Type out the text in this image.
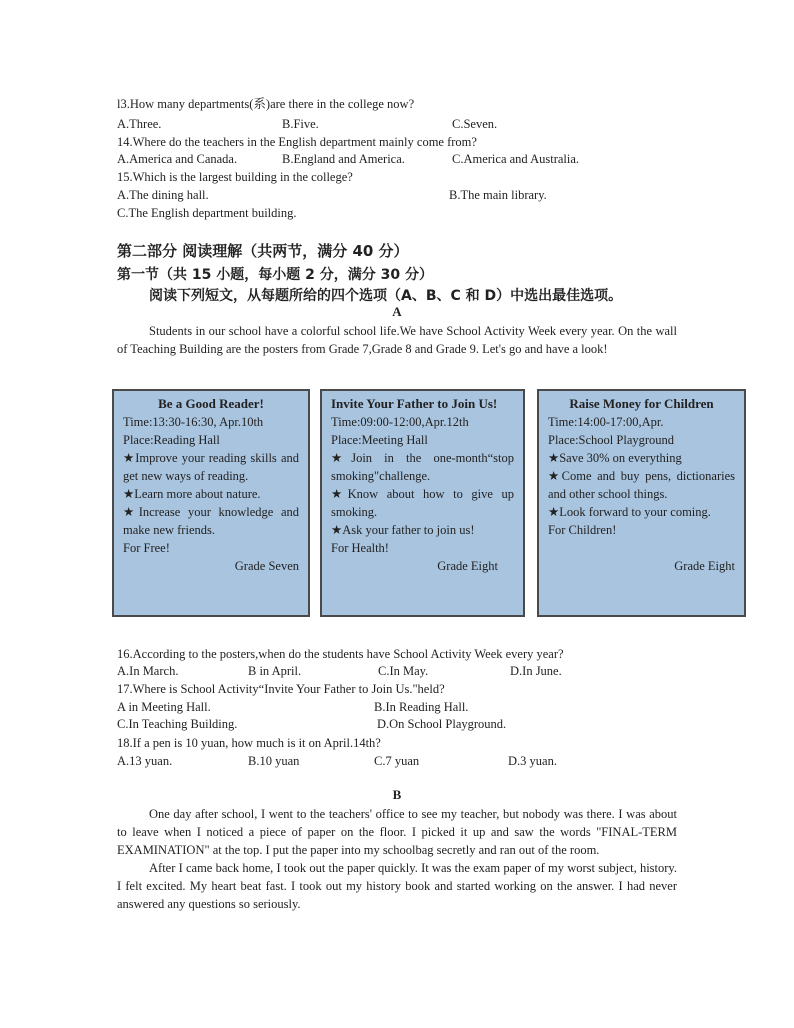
l3.How many departments(系)are there in the college now?
A.Three.	B.Five.	C.Seven.
14.Where do the teachers in the English department mainly come from?
A.America and Canada.	B.England and America.	C.America and Australia.
15.Which is the largest building in the college?
A.The dining hall.	B.The main library.
C.The English department building.
第二部分 阅读理解（共两节，满分 40 分）
第一节（共 15 小题，每小题 2 分，满分 30 分）
阅读下列短文，从每题所给的四个选项（A、B、C 和 D）中选出最佳选项。
A

Students in our school have a colorful school life.We have School Activity Week every year. On the wall of Teaching Building are the posters from Grade 7,Grade 8 and Grade 9. Let's go and have a look!

Be a Good Reader!
Time:13:30-16:30, Apr.10th
Place:Reading Hall
★Improve your reading skills and get new ways of reading.
★Learn more about nature.
★Increase your knowledge and make new friends.
For Free!
Grade Seven
Invite Your Father to Join Us!
Time:09:00-12:00,Apr.12th
Place:Meeting Hall
★Join in the one-month“stop smoking"challenge.
★Know about how to give up smoking.
★Ask your father to join us!
For Health!
Grade Eight
Raise Money for Children
Time:14:00-17:00,Apr.
Place:School Playground
★Save 30% on everything
★Come and buy pens, dictionaries and other school things.
★Look forward to your coming.
For Children!
Grade Eight
16.According to the posters,when do the students have School Activity Week every year?
A.In March.	B in April.	C.In May.	D.In June.
17.Where is School Activity“Invite Your Father to Join Us."held?
A in Meeting Hall.	B.In Reading Hall.
C.In Teaching Building.	D.On School Playground.
18.If a pen is 10 yuan, how much is it on April.14th?
A.13 yuan.	B.10 yuan	C.7 yuan	D.3 yuan.
B

One day after school, I went to the teachers' office to see my teacher, but nobody was there. I was about to leave when I noticed a piece of paper on the floor. I picked it up and saw the words "FINAL-TERM EXAMINATION" at the top. I put the paper into my schoolbag secretly and ran out of the room.

After I came back home, I took out the paper quickly. It was the exam paper of my worst subject, history. I felt excited. My heart beat fast. I took out my history book and started working on the answer. I had never answered any questions so seriously.
